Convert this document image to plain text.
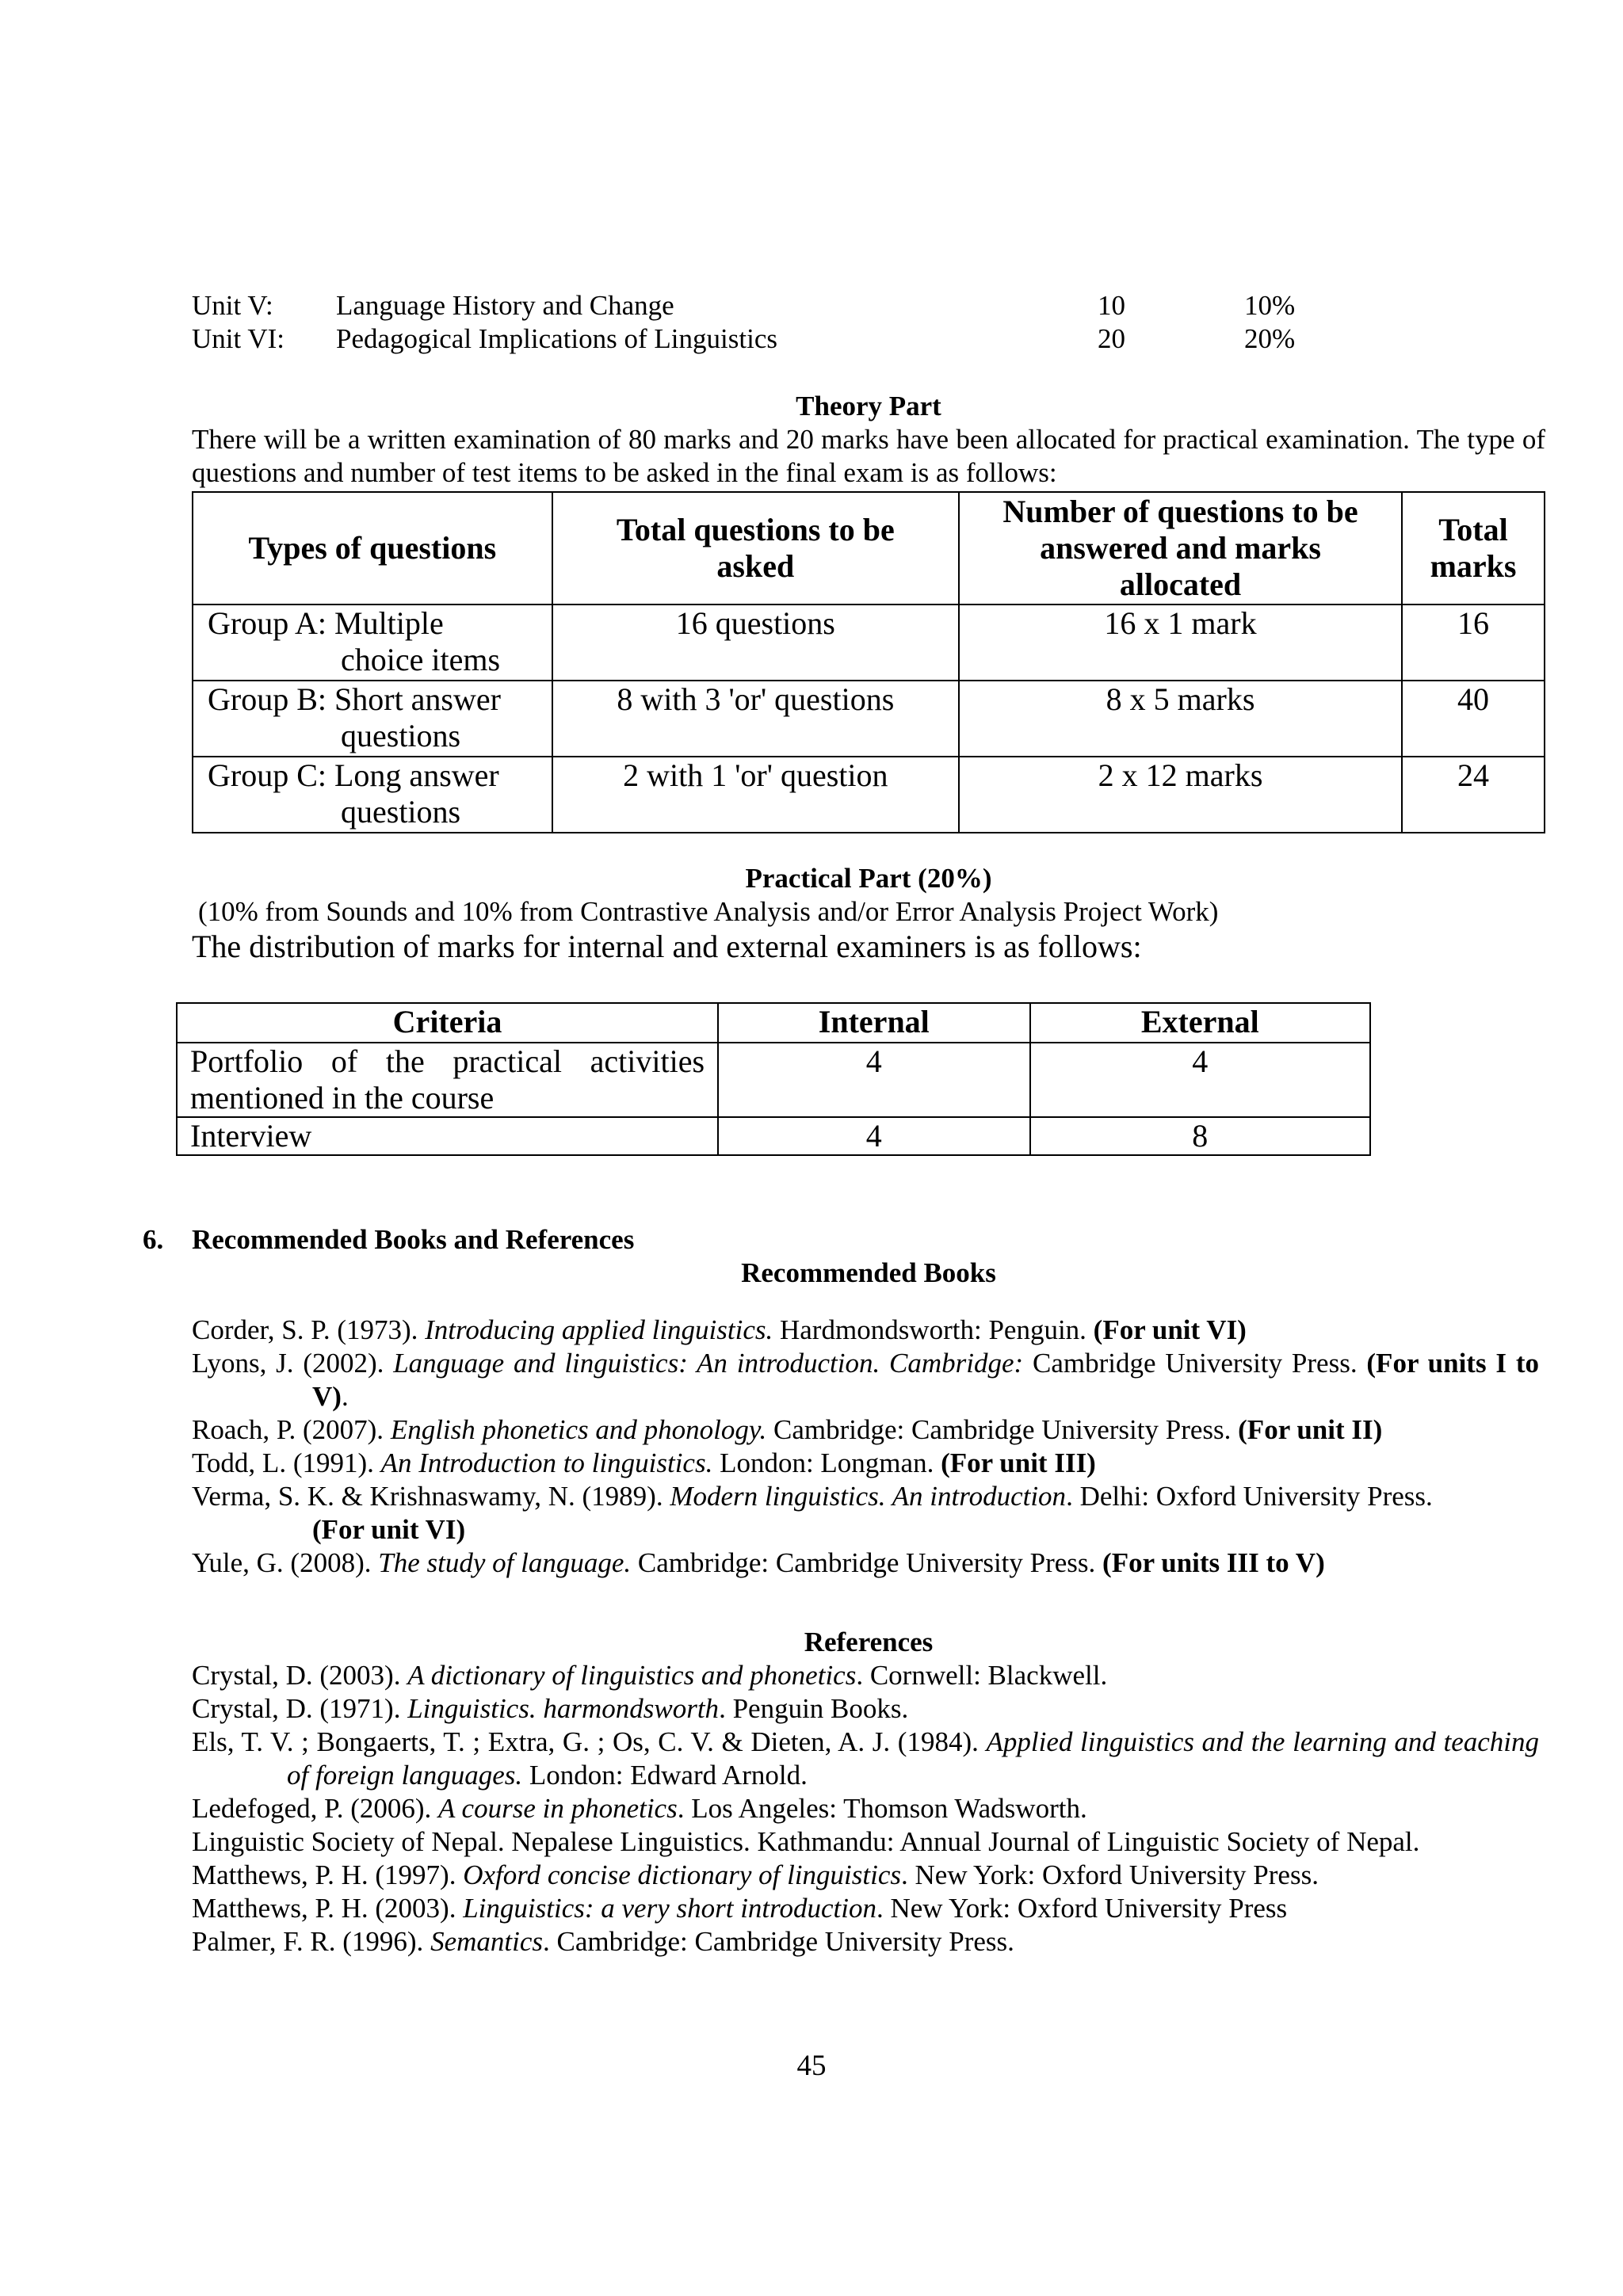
Unit V: Language History and Change	10	10%
Unit VI: Pedagogical Implications of Linguistics	20	20%
Theory Part
There will be a written examination of 80 marks and 20 marks have been allocated for practical examination. The type of questions and number of test items to be asked in the final exam is as follows:
Types of questions	Total questions to be asked	Number of questions to be answered and marks allocated	Total marks
Group A: Multiple
choice items	16 questions	16 x 1 mark	16
Group B: Short answer
questions	8 with 3 'or' questions	8 x 5 marks	40
Group C: Long answer
questions	2 with 1 'or' question	2 x 12 marks	24
Practical Part (20%)
(10% from Sounds and 10% from Contrastive Analysis and/or Error Analysis Project Work)
The distribution of marks for internal and external examiners is as follows:
Criteria	Internal	External
Portfolio of the practical activities mentioned in the course	4	4
Interview	4	8
6. Recommended Books and References
Recommended Books
Corder, S. P. (1973). Introducing applied linguistics. Hardmondsworth: Penguin. (For unit VI)
Lyons, J. (2002). Language and linguistics: An introduction. Cambridge: Cambridge University Press. (For units I to V).
Roach, P. (2007). English phonetics and phonology. Cambridge: Cambridge University Press. (For unit II)
Todd, L. (1991). An Introduction to linguistics. London: Longman. (For unit III)
Verma, S. K. & Krishnaswamy, N. (1989). Modern linguistics. An introduction. Delhi: Oxford University Press.
(For unit VI)
Yule, G. (2008). The study of language. Cambridge: Cambridge University Press. (For units III to V)
References
Crystal, D. (2003). A dictionary of linguistics and phonetics. Cornwell: Blackwell.
Crystal, D. (1971). Linguistics. harmondsworth. Penguin Books.
Els, T. V. ; Bongaerts, T. ; Extra, G. ; Os, C. V. & Dieten, A. J. (1984). Applied linguistics and the learning and teaching of foreign languages. London: Edward Arnold.
Ledefoged, P. (2006). A course in phonetics. Los Angeles: Thomson Wadsworth.
Linguistic Society of Nepal. Nepalese Linguistics. Kathmandu: Annual Journal of Linguistic Society of Nepal.
Matthews, P. H. (1997). Oxford concise dictionary of linguistics. New York: Oxford University Press.
Matthews, P. H. (2003). Linguistics: a very short introduction. New York: Oxford University Press
Palmer, F. R. (1996). Semantics. Cambridge: Cambridge University Press.
45
